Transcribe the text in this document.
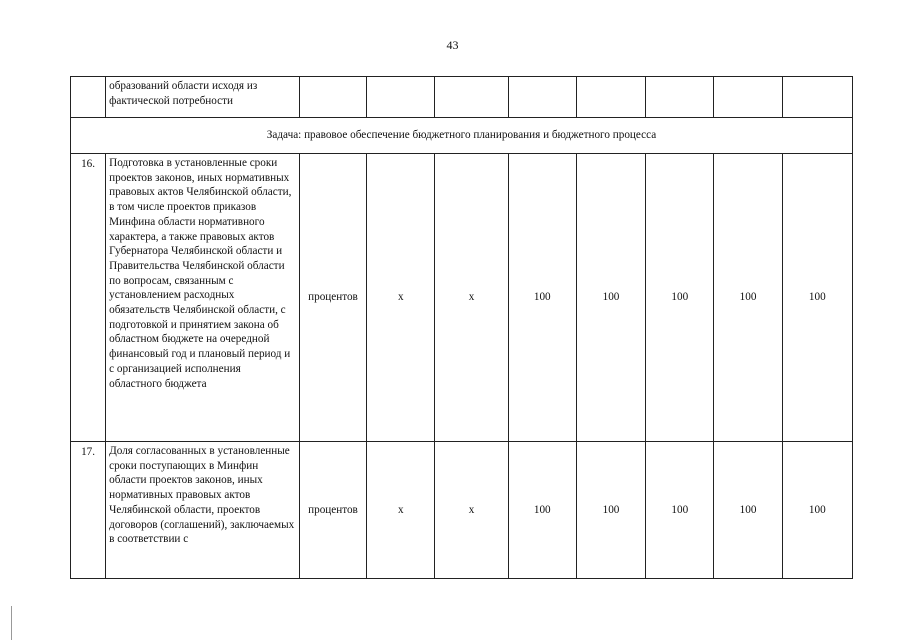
43
	образований области исходя из фактической потребности								
Задача: правовое обеспечение бюджетного планирования и бюджетного процесса									
16.	Подготовка в установленные сроки проектов законов, иных нормативных правовых актов Челябинской области, в том числе проектов приказов Минфина области нормативного характера, а также правовых актов Губернатора Челябинской области и Правительства Челябинской области по вопросам, связанным с установлением расходных обязательств Челябинской области, с подготовкой и принятием закона об областном бюджете на очередной финансовый год и плановый период и с организацией исполнения областного бюджета	процентов	х	х	100	100	100	100	100
17.	Доля согласованных в установленные сроки поступающих в Минфин области проектов законов, иных нормативных правовых актов Челябинской области, проектов договоров (соглашений), заключаемых в соответствии с	процентов	х	х	100	100	100	100	100
